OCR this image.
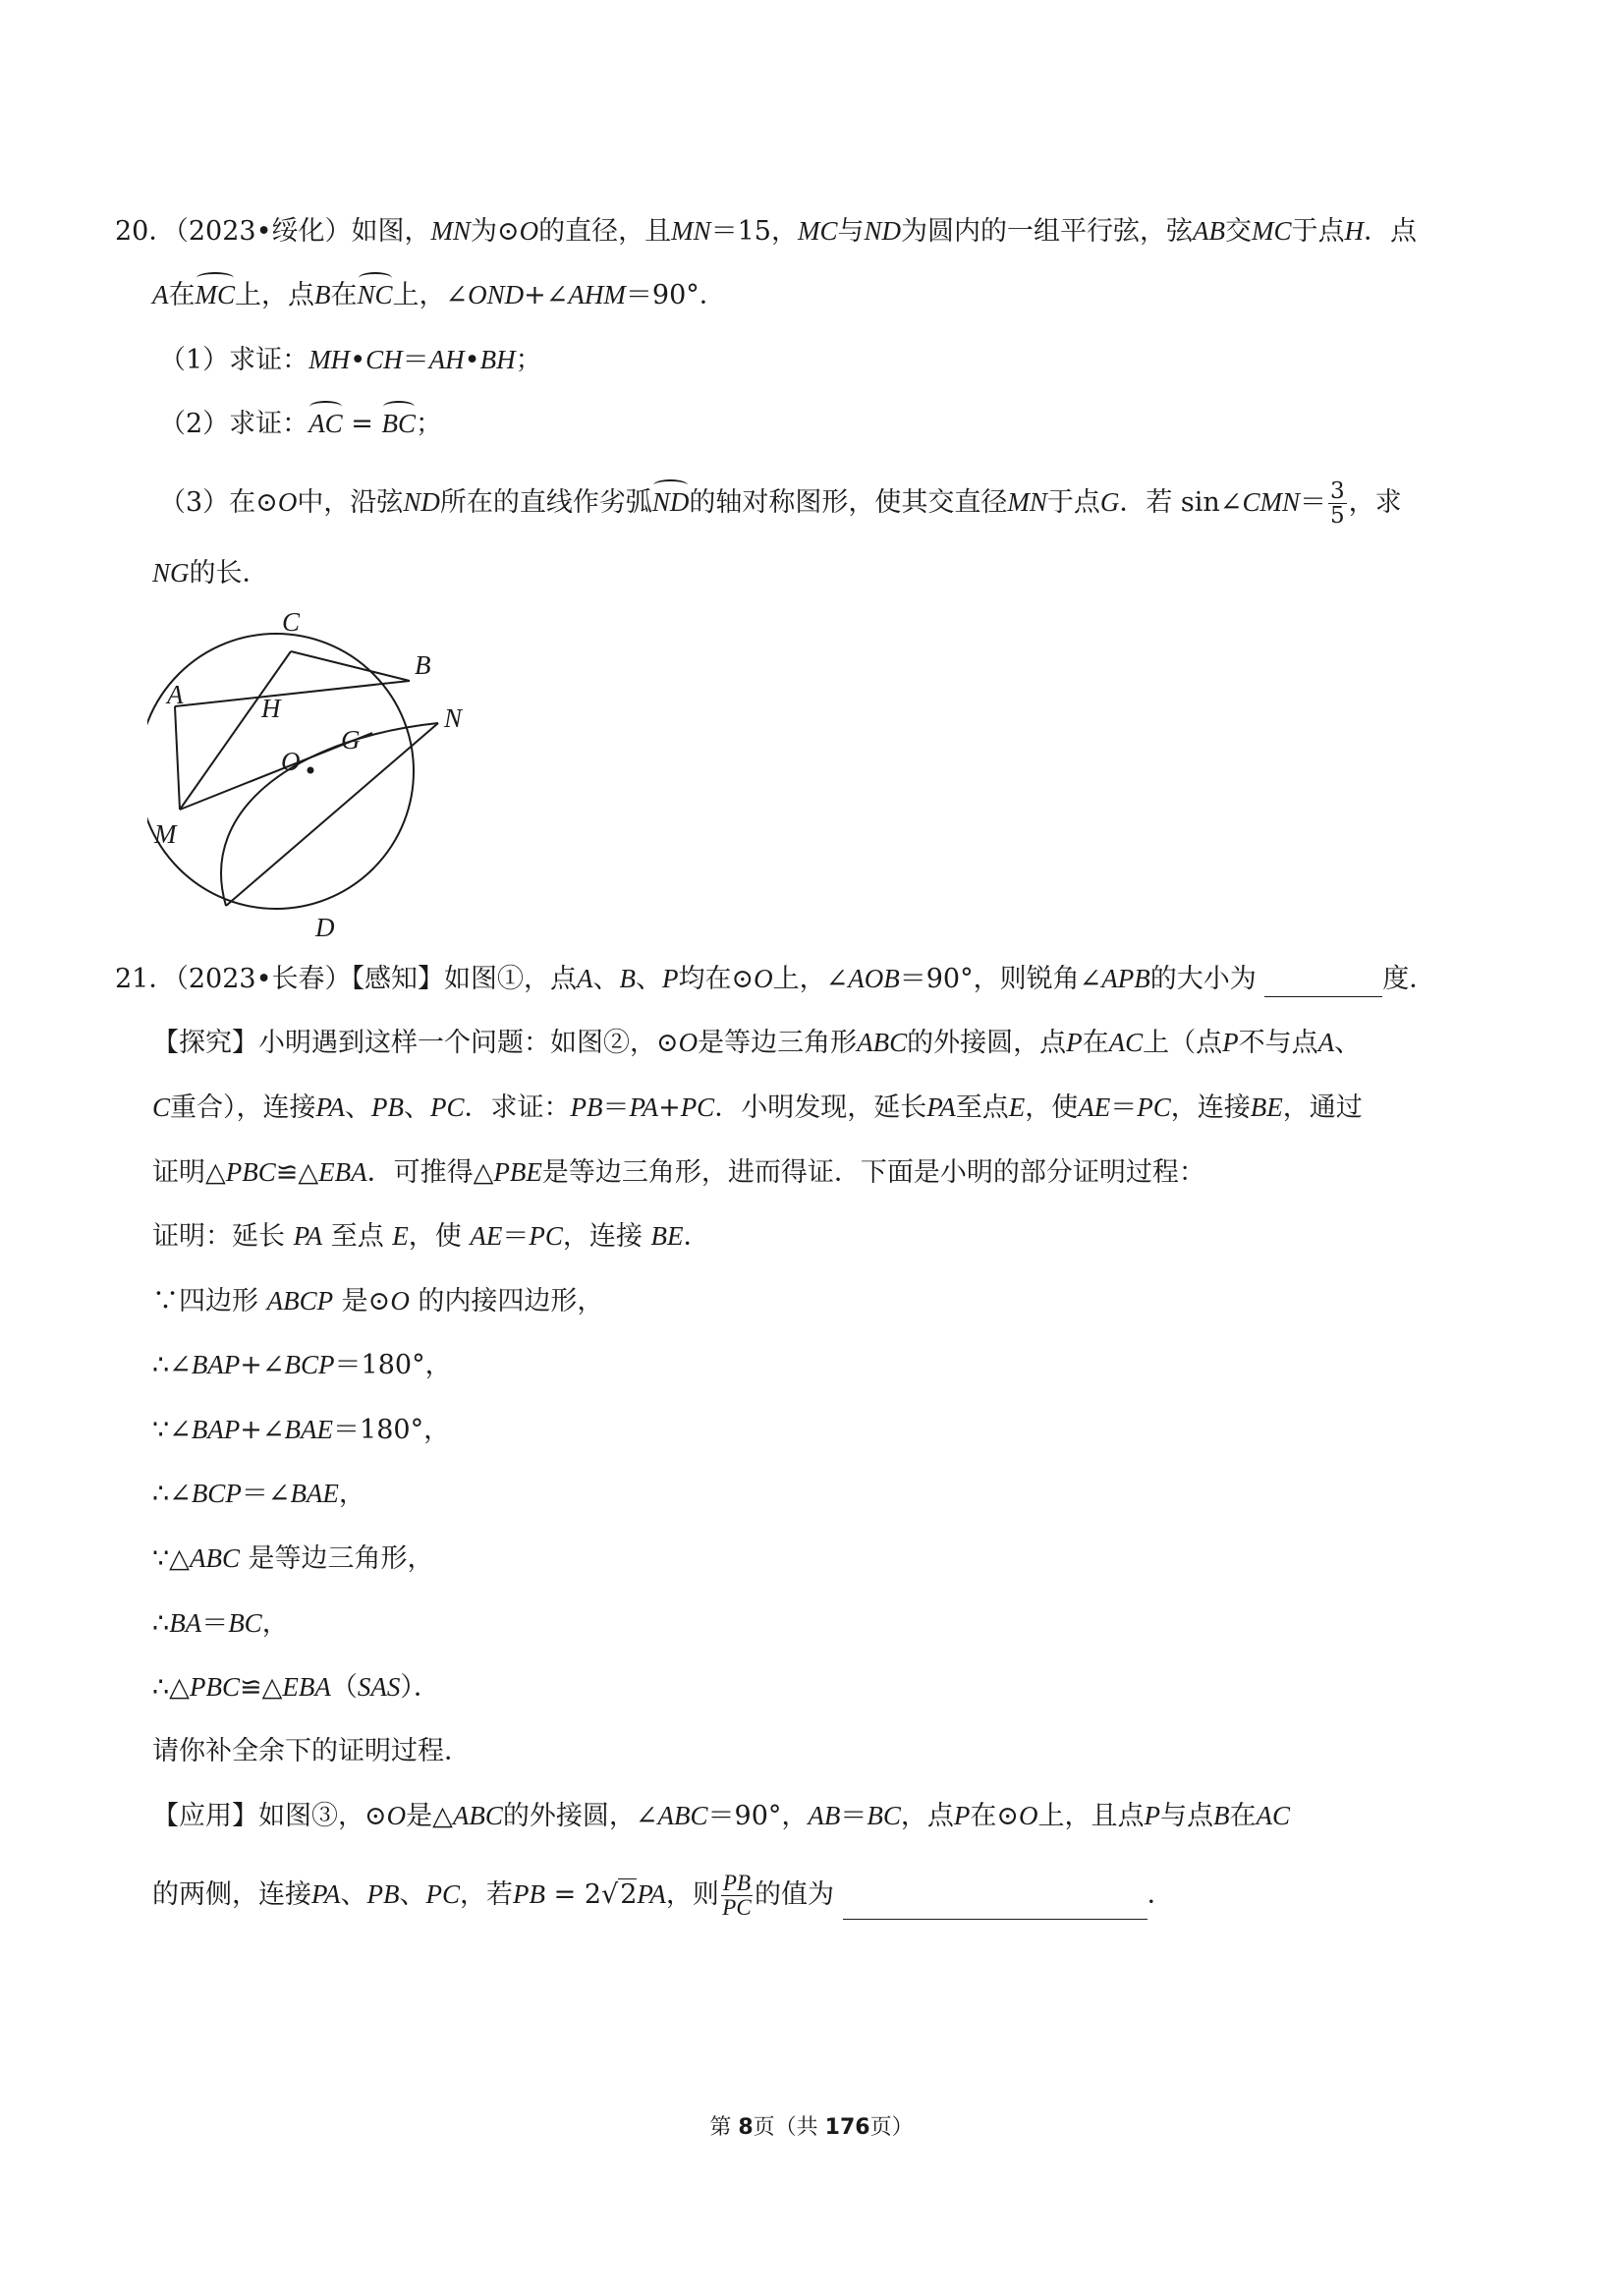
20．（2023•绥化）如图，MN为⊙O的直径，且MN＝15，MC与ND为圆内的一组平行弦，弦AB交MC于点H．点
A在MC上，点B在NC上，∠OND+∠AHM＝90°．
（1）求证：MH•CH＝AH•BH；
（2）求证：AC = BC；
（3）在⊙O中，沿弦ND所在的直线作劣弧ND的轴对称图形，使其交直径MN于点G．若 sin∠CMN＝ $\frac{3}{5}$ ，求
NG的长．
C
B
A	H	N
G
O
M
D
21．（2023•长春）【感知】如图①，点A、B、P均在⊙O上，∠AOB＝90°，则锐角∠APB的大小为	度．
【探究】小明遇到这样一个问题：如图②，⊙O是等边三角形ABC的外接圆，点P在AC上（点P不与点A、
C重合），连接PA、PB、PC．求证：PB＝PA+PC．小明发现，延长PA至点E，使AE＝PC，连接BE，通过
证明△PBC≌△EBA．可推得△PBE是等边三角形，进而得证．下面是小明的部分证明过程：
证明：延长 PA 至点 E，使 AE＝PC，连接 BE．
∵四边形 ABCP 是⊙O 的内接四边形，
∴∠BAP+∠BCP＝180°，
∵∠BAP+∠BAE＝180°，
∴∠BCP＝∠BAE，
∵△ABC 是等边三角形，
∴BA＝BC，
∴△PBC≌△EBA（SAS）．
请你补全余下的证明过程．
【应用】如图③，⊙O是△ABC的外接圆，∠ABC＝90°，AB＝BC，点P在⊙O上，且点P与点B在AC
的两侧，连接PA、PB、PC，若PB = 2√2PA，则 $\frac{PB}{PC}$ 的值为	．
第 8页（共 176页）
